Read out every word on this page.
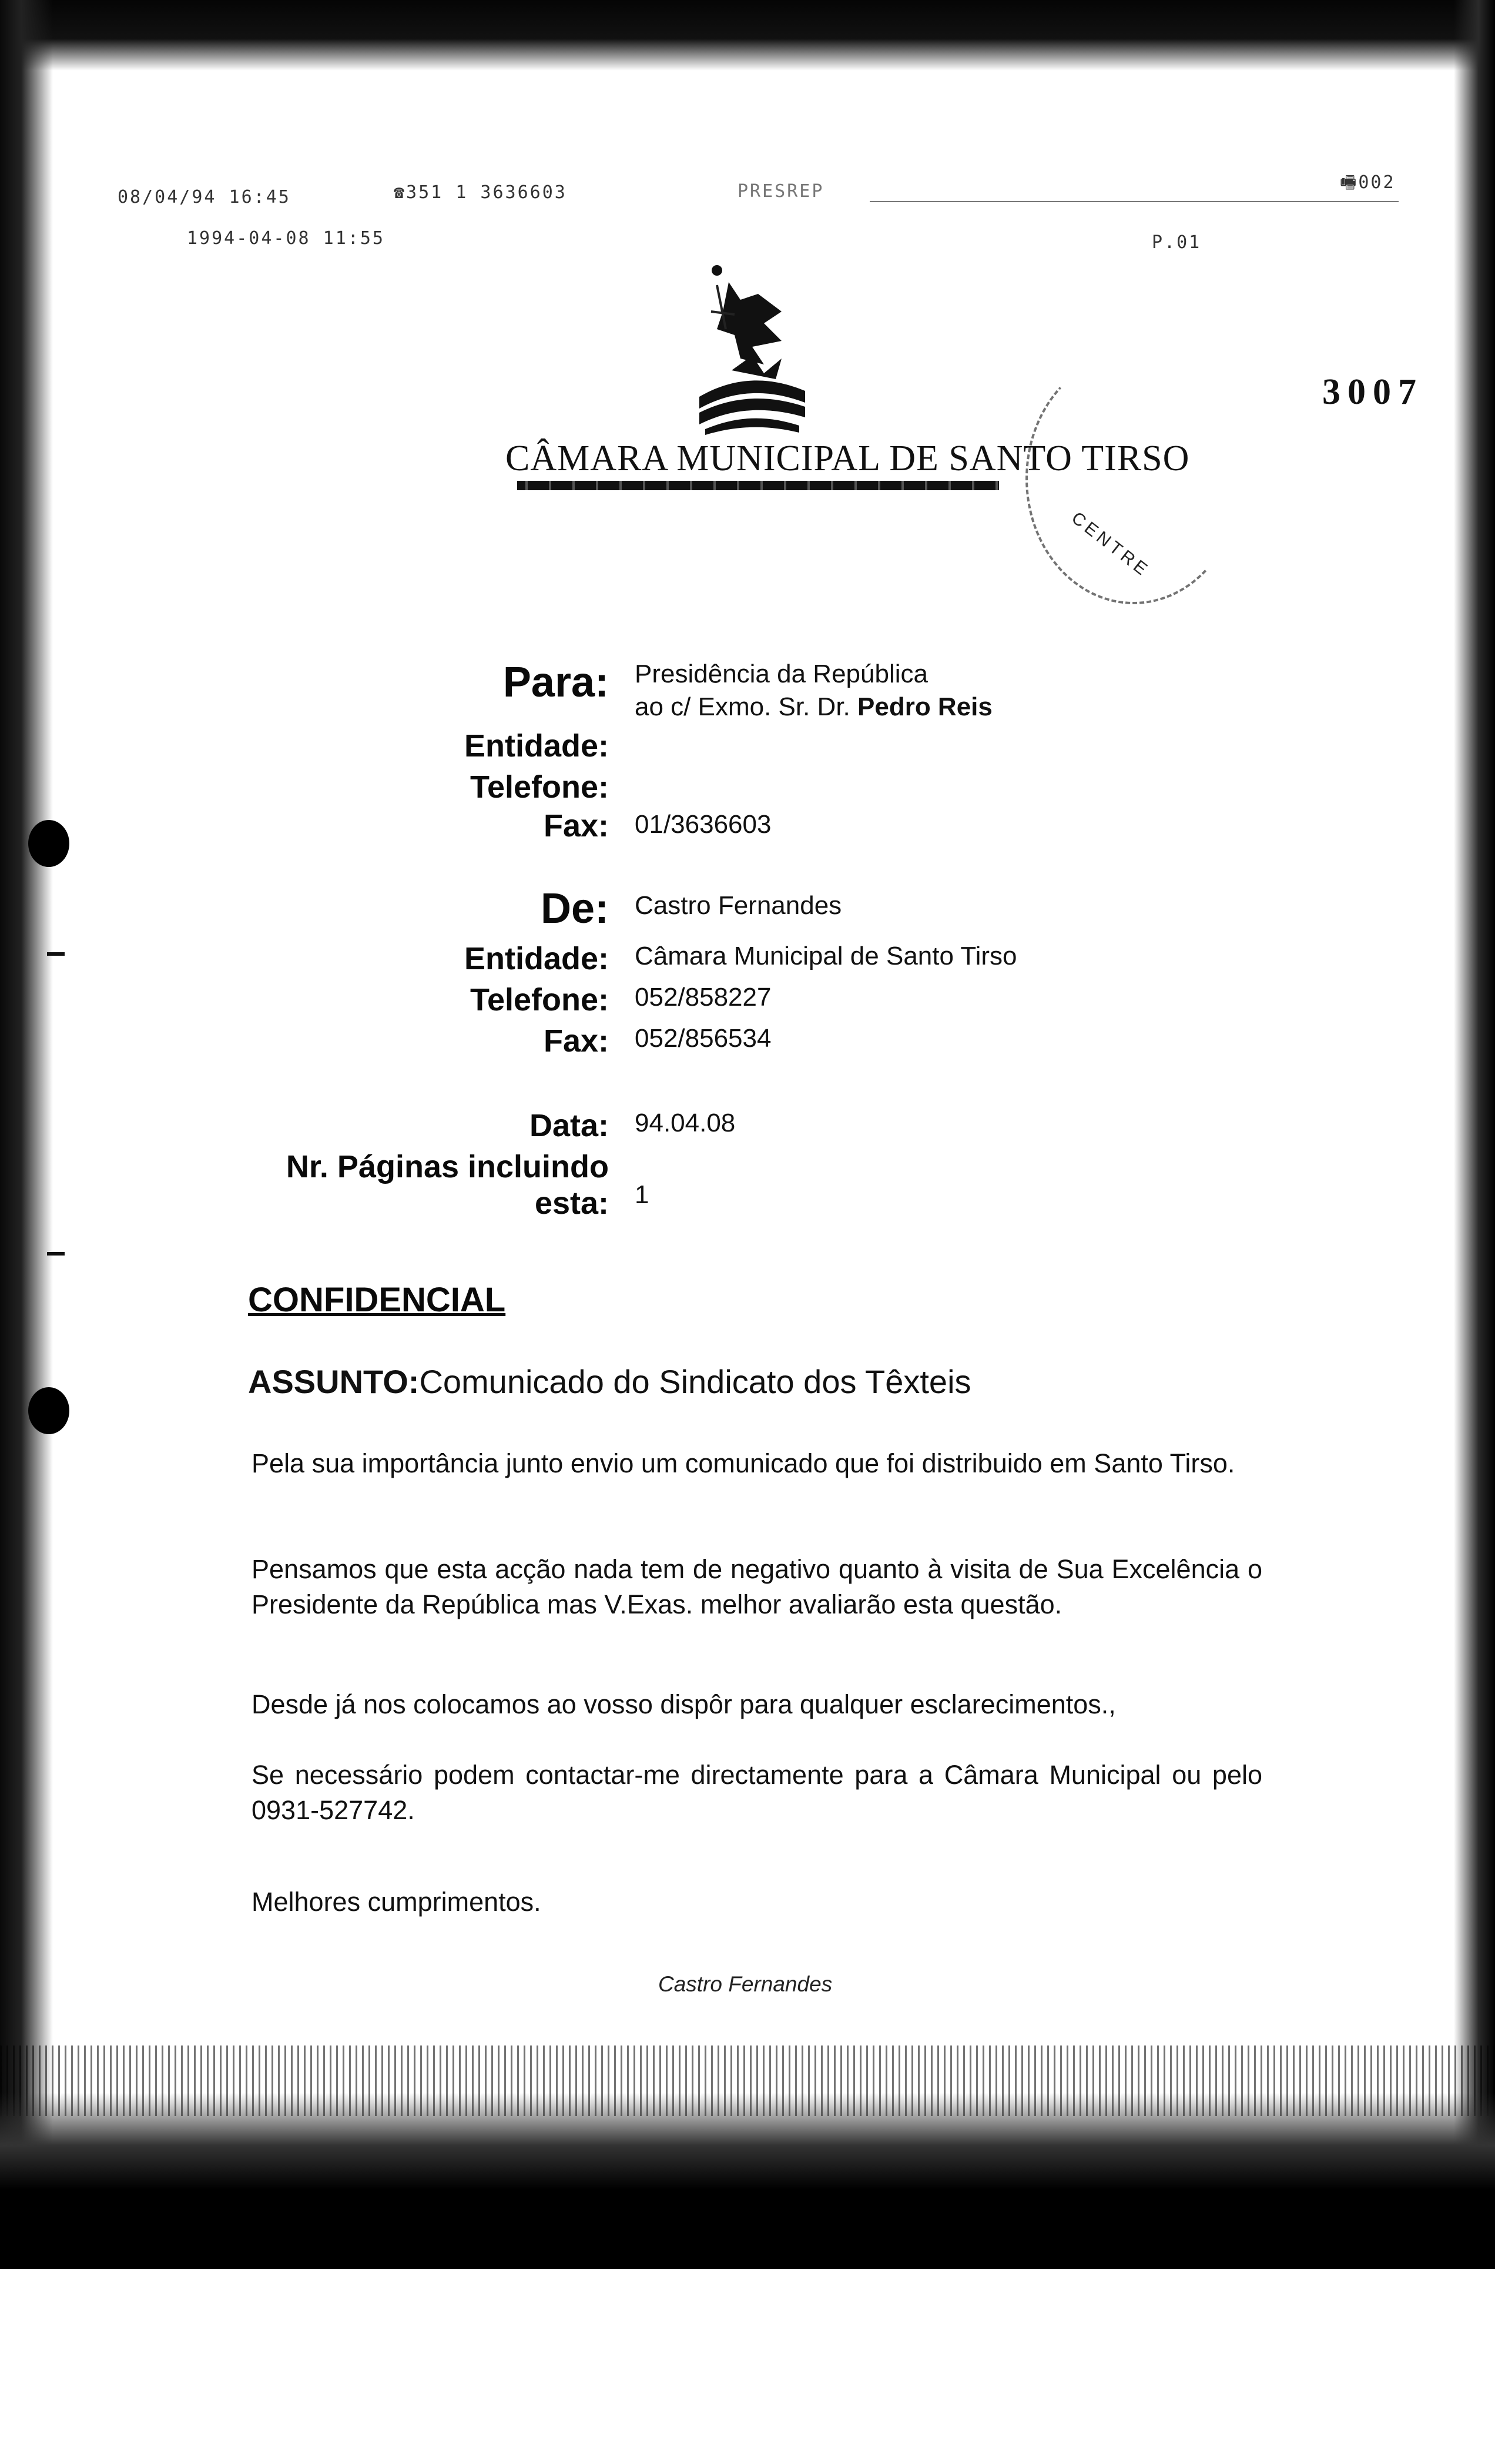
08/04/94 16:45	☎351 1 3636603	PRESREP	🖷002
1994-04-08 11:55	P.01
CÂMARA MUNICIPAL DE SANTO TIRSO
3007
CENTRE
Para: Presidência da República
ao c/ Exmo. Sr. Dr. Pedro Reis
Entidade:
Telefone:
Fax: 01/3636603
De: Castro Fernandes
Entidade: Câmara Municipal de Santo Tirso
Telefone: 052/858227
Fax: 052/856534
Data: 94.04.08
Nr. Páginas incluindo
esta: 1
CONFIDENCIAL
ASSUNTO:Comunicado do Sindicato dos Têxteis
Pela sua importância junto envio um comunicado que foi distribuido em Santo Tirso.
Pensamos que esta acção nada tem de negativo quanto à visita de Sua Excelência o Presidente da República mas V.Exas. melhor avaliarão esta questão.
Desde já nos colocamos ao vosso dispôr para qualquer esclarecimentos.,
Se necessário podem contactar-me directamente para a Câmara Municipal ou pelo 0931-527742.
Melhores cumprimentos.
Castro Fernandes
